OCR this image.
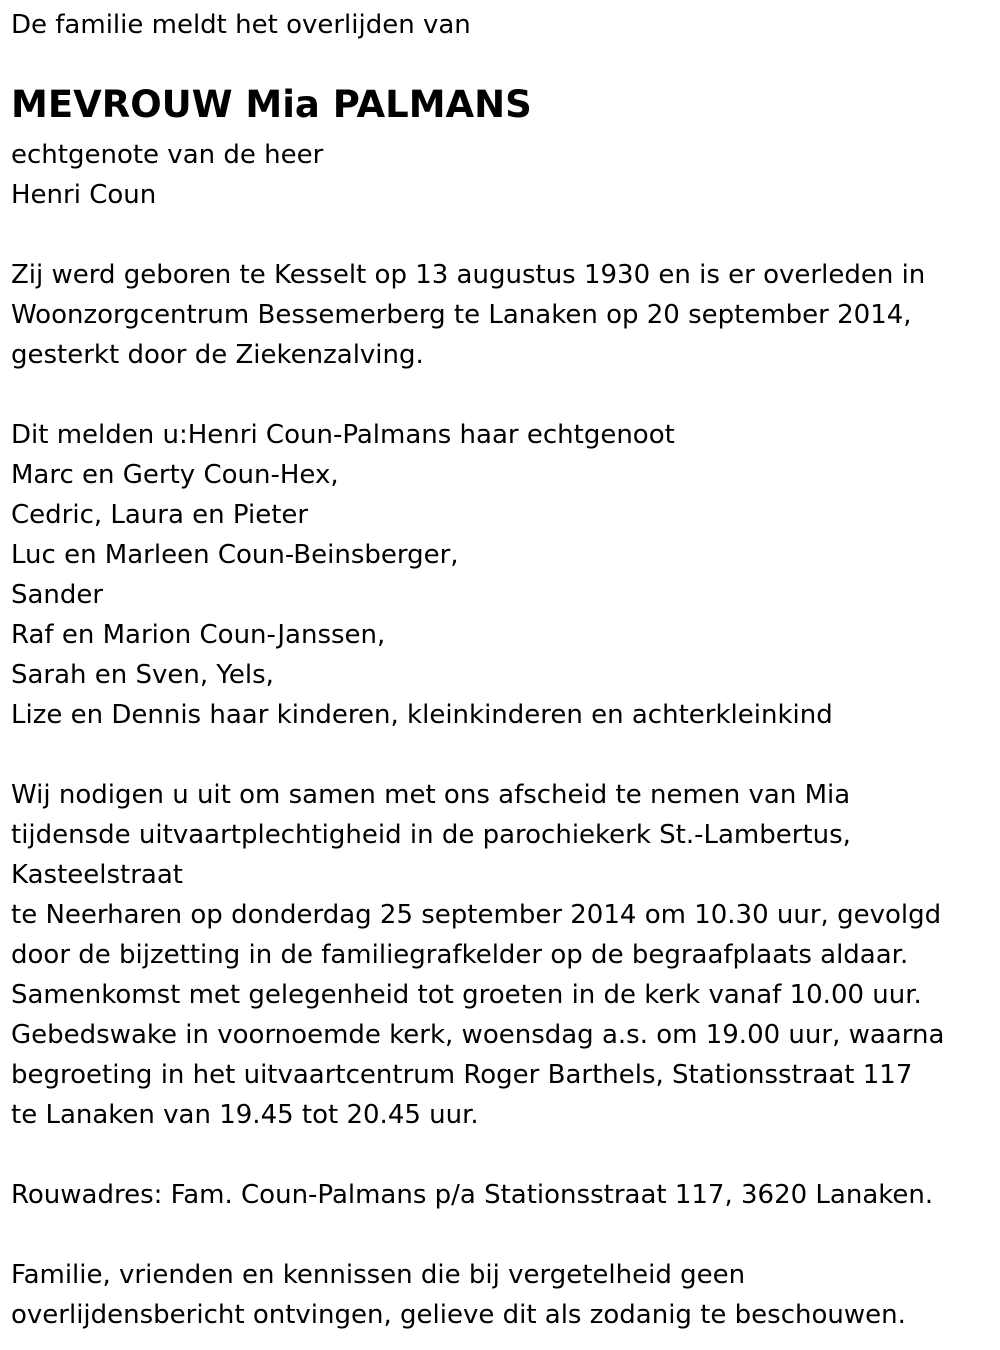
De familie meldt het overlijden van
MEVROUW Mia PALMANS
echtgenote van de heer
Henri Coun
Zij werd geboren te Kesselt op 13 augustus 1930 en is er overleden in
Woonzorgcentrum Bessemerberg te Lanaken op 20 september 2014,
gesterkt door de Ziekenzalving.
Dit melden u:Henri Coun-Palmans haar echtgenoot
Marc en Gerty Coun-Hex,
Cedric, Laura en Pieter
Luc en Marleen Coun-Beinsberger,
Sander
Raf en Marion Coun-Janssen,
Sarah en Sven, Yels,
Lize en Dennis haar kinderen, kleinkinderen en achterkleinkind
Wij nodigen u uit om samen met ons afscheid te nemen van Mia
tijdensde uitvaartplechtigheid in de parochiekerk St.-Lambertus,
Kasteelstraat
te Neerharen op donderdag 25 september 2014 om 10.30 uur, gevolgd
door de bijzetting in de familiegrafkelder op de begraafplaats aldaar.
Samenkomst met gelegenheid tot groeten in de kerk vanaf 10.00 uur.
Gebedswake in voornoemde kerk, woensdag a.s. om 19.00 uur, waarna
begroeting in het uitvaartcentrum Roger Barthels, Stationsstraat 117
te Lanaken van 19.45 tot 20.45 uur.
Rouwadres: Fam. Coun-Palmans p/a Stationsstraat 117, 3620 Lanaken.
Familie, vrienden en kennissen die bij vergetelheid geen
overlijdensbericht ontvingen, gelieve dit als zodanig te beschouwen.
